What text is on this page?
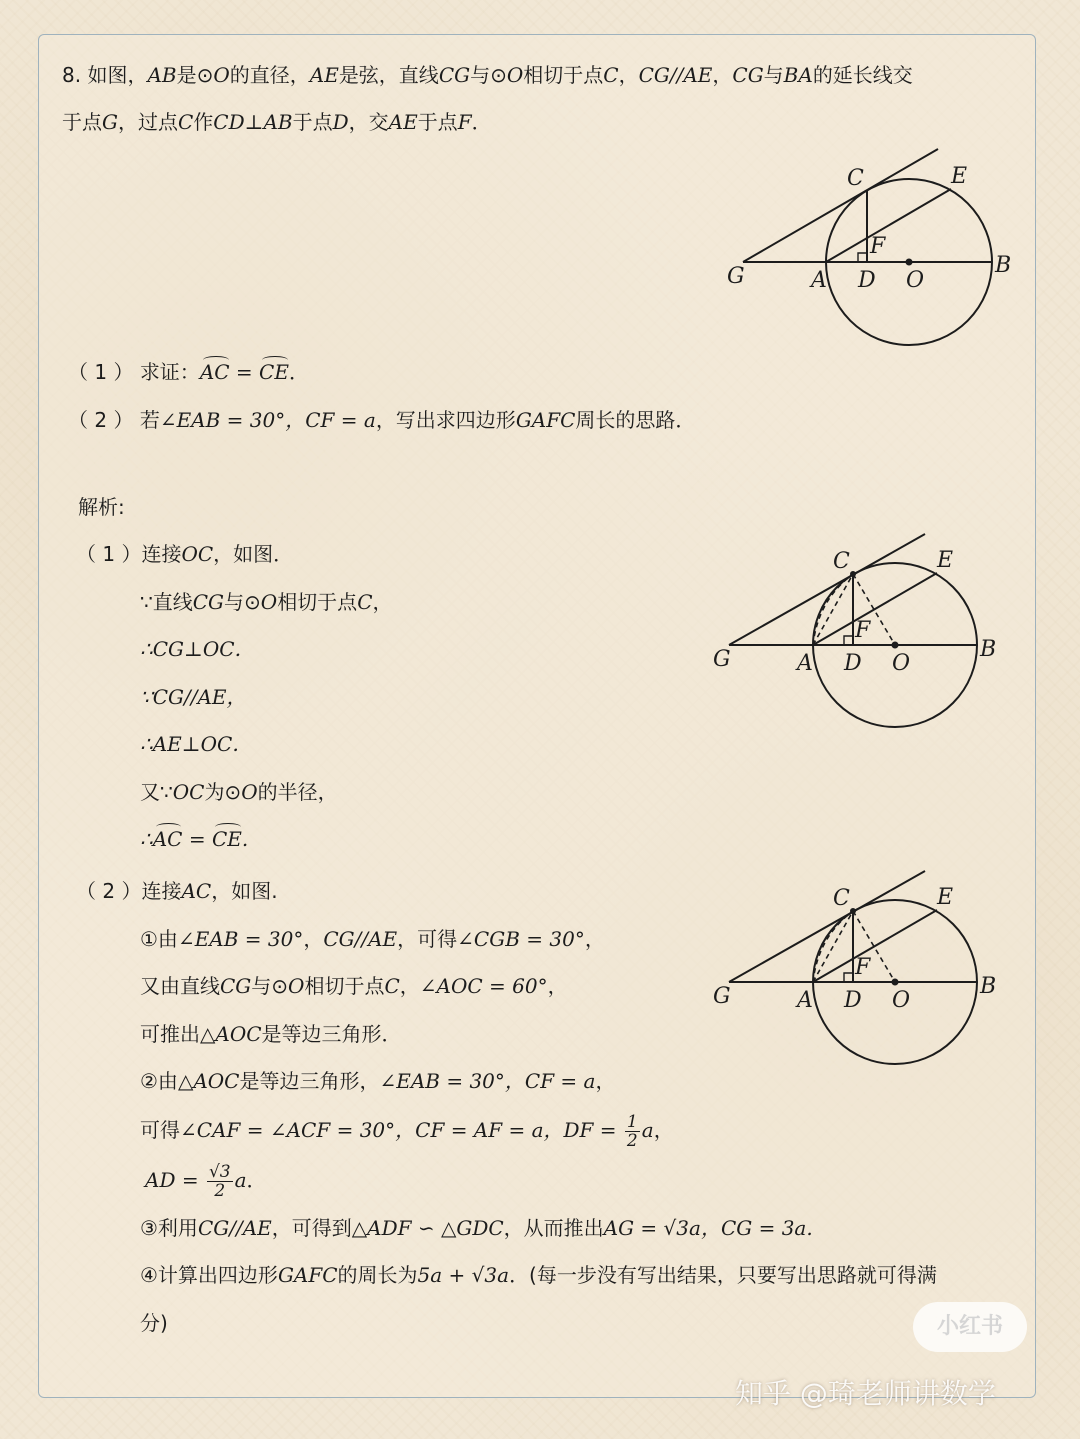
8. 如图，AB是⊙O的直径，AE是弦，直线CG与⊙O相切于点C，CG//AE，CG与BA的延长线交
于点G，过点C作CD⊥AB于点D，交AE于点F．
C	E
F
G	A D O
B
（ 1 ） 求证：AC = CE．
（ 2 ） 若∠EAB = 30°，CF = a，写出求四边形GAFC周长的思路．
解析:
（ 1 ）连接OC，如图．
∵直线CG与⊙O相切于点C，
∴CG⊥OC．
∵CG//AE，
∴AE⊥OC．
又∵OC为⊙O的半径，
∴AC = CE.
C	E
F
G	A D O
B
（ 2 ）连接AC，如图.
①由∠EAB = 30°，CG//AE，可得∠CGB = 30°，
又由直线CG与⊙O相切于点C，∠AOC = 60°，
可推出△AOC是等边三角形．
②由△AOC是等边三角形，∠EAB = 30°，CF = a，
可得∠CAF = ∠ACF = 30°，CF = AF = a，DF = $\frac{1}{2}$ a，
AD = $\frac{√3}{2}$ a．
③利用CG//AE，可得到△ADF ∽ △GDC，从而推出AG = √3a，CG = 3a.
④计算出四边形GAFC的周长为5a + √3a．(每一步没有写出结果，只要写出思路就可得满
分)
C	E
F
G	A D O
B
小红书
知乎 @琦老师讲数学
